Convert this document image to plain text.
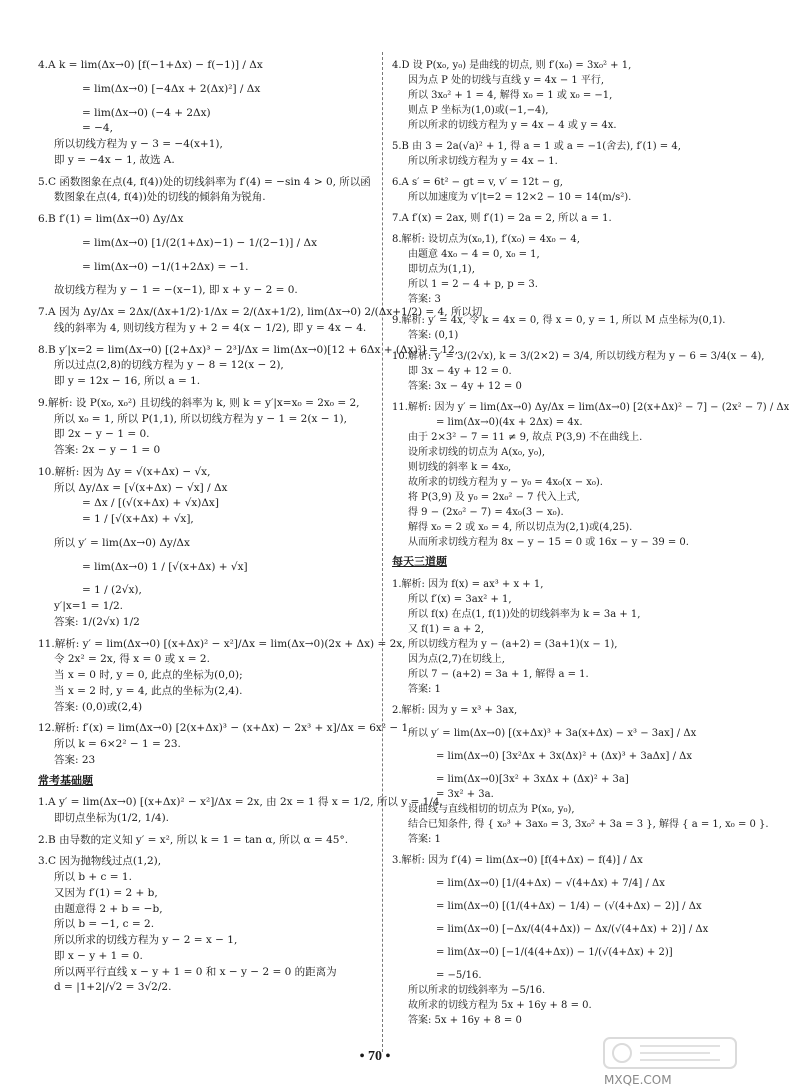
4.A k = lim(Δx→0) [f(−1+Δx) − f(−1)] / Δx
= lim(Δx→0) [−4Δx + 2(Δx)²] / Δx
= lim(Δx→0) (−4 + 2Δx)
= −4,
所以切线方程为 y − 3 = −4(x+1),
即 y = −4x − 1, 故选 A.
5.C 函数图象在点(4, f(4))处的切线斜率为 f′(4) = −sin 4 > 0, 所以函
数图象在点(4, f(4))处的切线的倾斜角为锐角.
6.B f′(1) = lim(Δx→0) Δy/Δx
= lim(Δx→0) [1/(2(1+Δx)−1) − 1/(2−1)] / Δx
= lim(Δx→0) −1/(1+2Δx) = −1.
故切线方程为 y − 1 = −(x−1), 即 x + y − 2 = 0.
7.A 因为 Δy/Δx = 2Δx/(Δx+1/2)·1/Δx = 2/(Δx+1/2), lim(Δx→0) 2/(Δx+1/2) = 4, 所以切
线的斜率为 4, 则切线方程为 y + 2 = 4(x − 1/2), 即 y = 4x − 4.
8.B y′|x=2 = lim(Δx→0) [(2+Δx)³ − 2³]/Δx = lim(Δx→0)[12 + 6Δx + (Δx)²] = 12,
所以过点(2,8)的切线方程为 y − 8 = 12(x − 2),
即 y = 12x − 16, 所以 a = 1.
9.解析: 设 P(x₀, x₀²) 且切线的斜率为 k, 则 k = y′|x=x₀ = 2x₀ = 2,
所以 x₀ = 1, 所以 P(1,1), 所以切线方程为 y − 1 = 2(x − 1),
即 2x − y − 1 = 0.
答案: 2x − y − 1 = 0
10.解析: 因为 Δy = √(x+Δx) − √x,
所以 Δy/Δx = [√(x+Δx) − √x] / Δx
= Δx / [(√(x+Δx) + √x)Δx]
= 1 / [√(x+Δx) + √x],
所以 y′ = lim(Δx→0) Δy/Δx
= lim(Δx→0) 1 / [√(x+Δx) + √x]
= 1 / (2√x),
y′|x=1 = 1/2.
答案: 1/(2√x) 1/2
11.解析: y′ = lim(Δx→0) [(x+Δx)² − x²]/Δx = lim(Δx→0)(2x + Δx) = 2x,
令 2x² = 2x, 得 x = 0 或 x = 2.
当 x = 0 时, y = 0, 此点的坐标为(0,0);
当 x = 2 时, y = 4, 此点的坐标为(2,4).
答案: (0,0)或(2,4)
12.解析: f′(x) = lim(Δx→0) [2(x+Δx)³ − (x+Δx) − 2x³ + x]/Δx = 6x² − 1,
所以 k = 6×2² − 1 = 23.
答案: 23
常考基础题
1.A y′ = lim(Δx→0) [(x+Δx)² − x²]/Δx = 2x, 由 2x = 1 得 x = 1/2, 所以 y = 1/4,
即切点坐标为(1/2, 1/4).
2.B 由导数的定义知 y′ = x², 所以 k = 1 = tan α, 所以 α = 45°.
3.C 因为抛物线过点(1,2),
所以 b + c = 1.
又因为 f′(1) = 2 + b,
由题意得 2 + b = −b,
所以 b = −1, c = 2.
所以所求的切线方程为 y − 2 = x − 1,
即 x − y + 1 = 0.
所以两平行直线 x − y + 1 = 0 和 x − y − 2 = 0 的距离为
d = |1+2|/√2 = 3√2/2.
4.D 设 P(x₀, y₀) 是曲线的切点, 则 f′(x₀) = 3x₀² + 1,
因为点 P 处的切线与直线 y = 4x − 1 平行,
所以 3x₀² + 1 = 4, 解得 x₀ = 1 或 x₀ = −1,
则点 P 坐标为(1,0)或(−1,−4),
所以所求的切线方程为 y = 4x − 4 或 y = 4x.
5.B 由 3 = 2a(√a)² + 1, 得 a = 1 或 a = −1(舍去), f′(1) = 4,
所以所求切线方程为 y = 4x − 1.
6.A s′ = 6t² − gt = v, v′ = 12t − g,
所以加速度为 v′|t=2 = 12×2 − 10 = 14(m/s²).
7.A f′(x) = 2ax, 则 f′(1) = 2a = 2, 所以 a = 1.
8.解析: 设切点为(x₀,1), f′(x₀) = 4x₀ − 4,
由题意 4x₀ − 4 = 0, x₀ = 1,
即切点为(1,1),
所以 1 = 2 − 4 + p, p = 3.
答案: 3
9.解析: y′ = 4x, 令 k = 4x = 0, 得 x = 0, y = 1, 所以 M 点坐标为(0,1).
答案: (0,1)
10.解析: y′ = 3/(2√x), k = 3/(2×2) = 3/4, 所以切线方程为 y − 6 = 3/4(x − 4),
即 3x − 4y + 12 = 0.
答案: 3x − 4y + 12 = 0
11.解析: 因为 y′ = lim(Δx→0) Δy/Δx = lim(Δx→0) [2(x+Δx)² − 7] − (2x² − 7) / Δx
= lim(Δx→0)(4x + 2Δx) = 4x.
由于 2×3² − 7 = 11 ≠ 9, 故点 P(3,9) 不在曲线上.
设所求切线的切点为 A(x₀, y₀),
则切线的斜率 k = 4x₀,
故所求的切线方程为 y − y₀ = 4x₀(x − x₀).
将 P(3,9) 及 y₀ = 2x₀² − 7 代入上式,
得 9 − (2x₀² − 7) = 4x₀(3 − x₀).
解得 x₀ = 2 或 x₀ = 4, 所以切点为(2,1)或(4,25).
从而所求切线方程为 8x − y − 15 = 0 或 16x − y − 39 = 0.
每天三道题
1.解析: 因为 f(x) = ax³ + x + 1,
所以 f′(x) = 3ax² + 1,
所以 f(x) 在点(1, f(1))处的切线斜率为 k = 3a + 1,
又 f(1) = a + 2,
所以切线方程为 y − (a+2) = (3a+1)(x − 1),
因为点(2,7)在切线上,
所以 7 − (a+2) = 3a + 1, 解得 a = 1.
答案: 1
2.解析: 因为 y = x³ + 3ax,
所以 y′ = lim(Δx→0) [(x+Δx)³ + 3a(x+Δx) − x³ − 3ax] / Δx
= lim(Δx→0) [3x²Δx + 3x(Δx)² + (Δx)³ + 3aΔx] / Δx
= lim(Δx→0)[3x² + 3xΔx + (Δx)² + 3a]
= 3x² + 3a.
设曲线与直线相切的切点为 P(x₀, y₀),
结合已知条件, 得 { x₀³ + 3ax₀ = 3, 3x₀² + 3a = 3 }, 解得 { a = 1, x₀ = 0 }.
答案: 1
3.解析: 因为 f′(4) = lim(Δx→0) [f(4+Δx) − f(4)] / Δx
= lim(Δx→0) [1/(4+Δx) − √(4+Δx) + 7/4] / Δx
= lim(Δx→0) [(1/(4+Δx) − 1/4) − (√(4+Δx) − 2)] / Δx
= lim(Δx→0) [−Δx/(4(4+Δx)) − Δx/(√(4+Δx) + 2)] / Δx
= lim(Δx→0) [−1/(4(4+Δx)) − 1/(√(4+Δx) + 2)]
= −5/16.
所以所求的切线斜率为 −5/16.
故所求的切线方程为 5x + 16y + 8 = 0.
答案: 5x + 16y + 8 = 0
• 70 •
MXQE.COM
